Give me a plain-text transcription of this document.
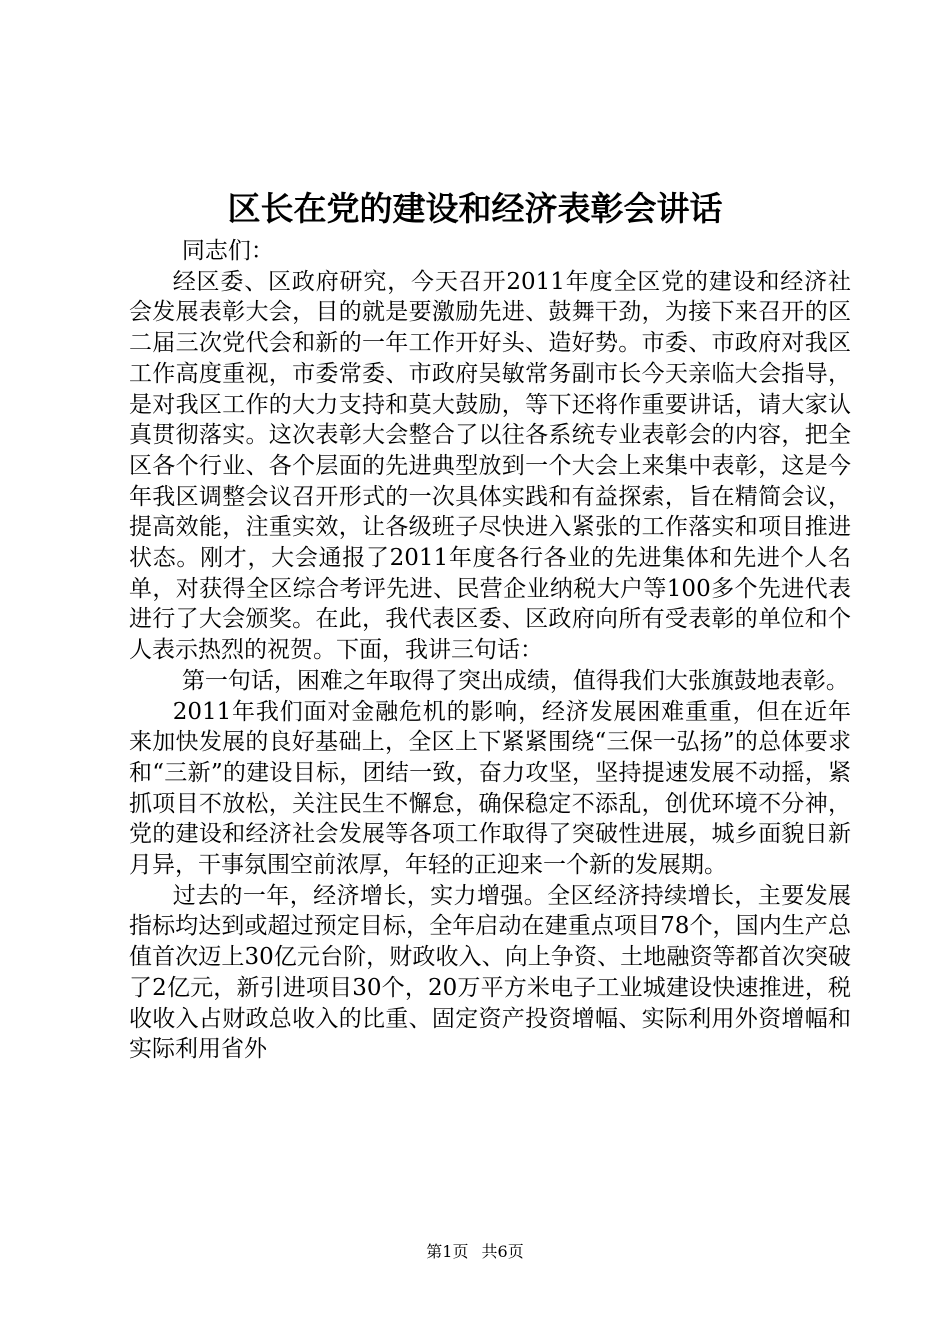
区长在党的建设和经济表彰会讲话

同志们：

经区委、区政府研究，今天召开2011年度全区党的建设和经济社会发展表彰大会，目的就是要激励先进、鼓舞干劲，为接下来召开的区二届三次党代会和新的一年工作开好头、造好势。市委、市政府对我区工作高度重视，市委常委、市政府吴敏常务副市长今天亲临大会指导，是对我区工作的大力支持和莫大鼓励，等下还将作重要讲话，请大家认真贯彻落实。这次表彰大会整合了以往各系统专业表彰会的内容，把全区各个行业、各个层面的先进典型放到一个大会上来集中表彰，这是今年我区调整会议召开形式的一次具体实践和有益探索，旨在精简会议，提高效能，注重实效，让各级班子尽快进入紧张的工作落实和项目推进状态。刚才，大会通报了2011年度各行各业的先进集体和先进个人名单，对获得全区综合考评先进、民营企业纳税大户等100多个先进代表进行了大会颁奖。在此，我代表区委、区政府向所有受表彰的单位和个人表示热烈的祝贺。下面，我讲三句话：

第一句话，困难之年取得了突出成绩，值得我们大张旗鼓地表彰。

2011年我们面对金融危机的影响，经济发展困难重重，但在近年来加快发展的良好基础上，全区上下紧紧围绕“三保一弘扬”的总体要求和“三新”的建设目标，团结一致，奋力攻坚，坚持提速发展不动摇，紧抓项目不放松，关注民生不懈怠，确保稳定不添乱，创优环境不分神，党的建设和经济社会发展等各项工作取得了突破性进展，城乡面貌日新月异，干事氛围空前浓厚，年轻的正迎来一个新的发展期。

过去的一年，经济增长，实力增强。全区经济持续增长，主要发展指标均达到或超过预定目标，全年启动在建重点项目78个，国内生产总值首次迈上30亿元台阶，财政收入、向上争资、土地融资等都首次突破了2亿元，新引进项目30个，20万平方米电子工业城建设快速推进，税收收入占财政总收入的比重、固定资产投资增幅、实际利用外资增幅和实际利用省外

第1页 共6页
